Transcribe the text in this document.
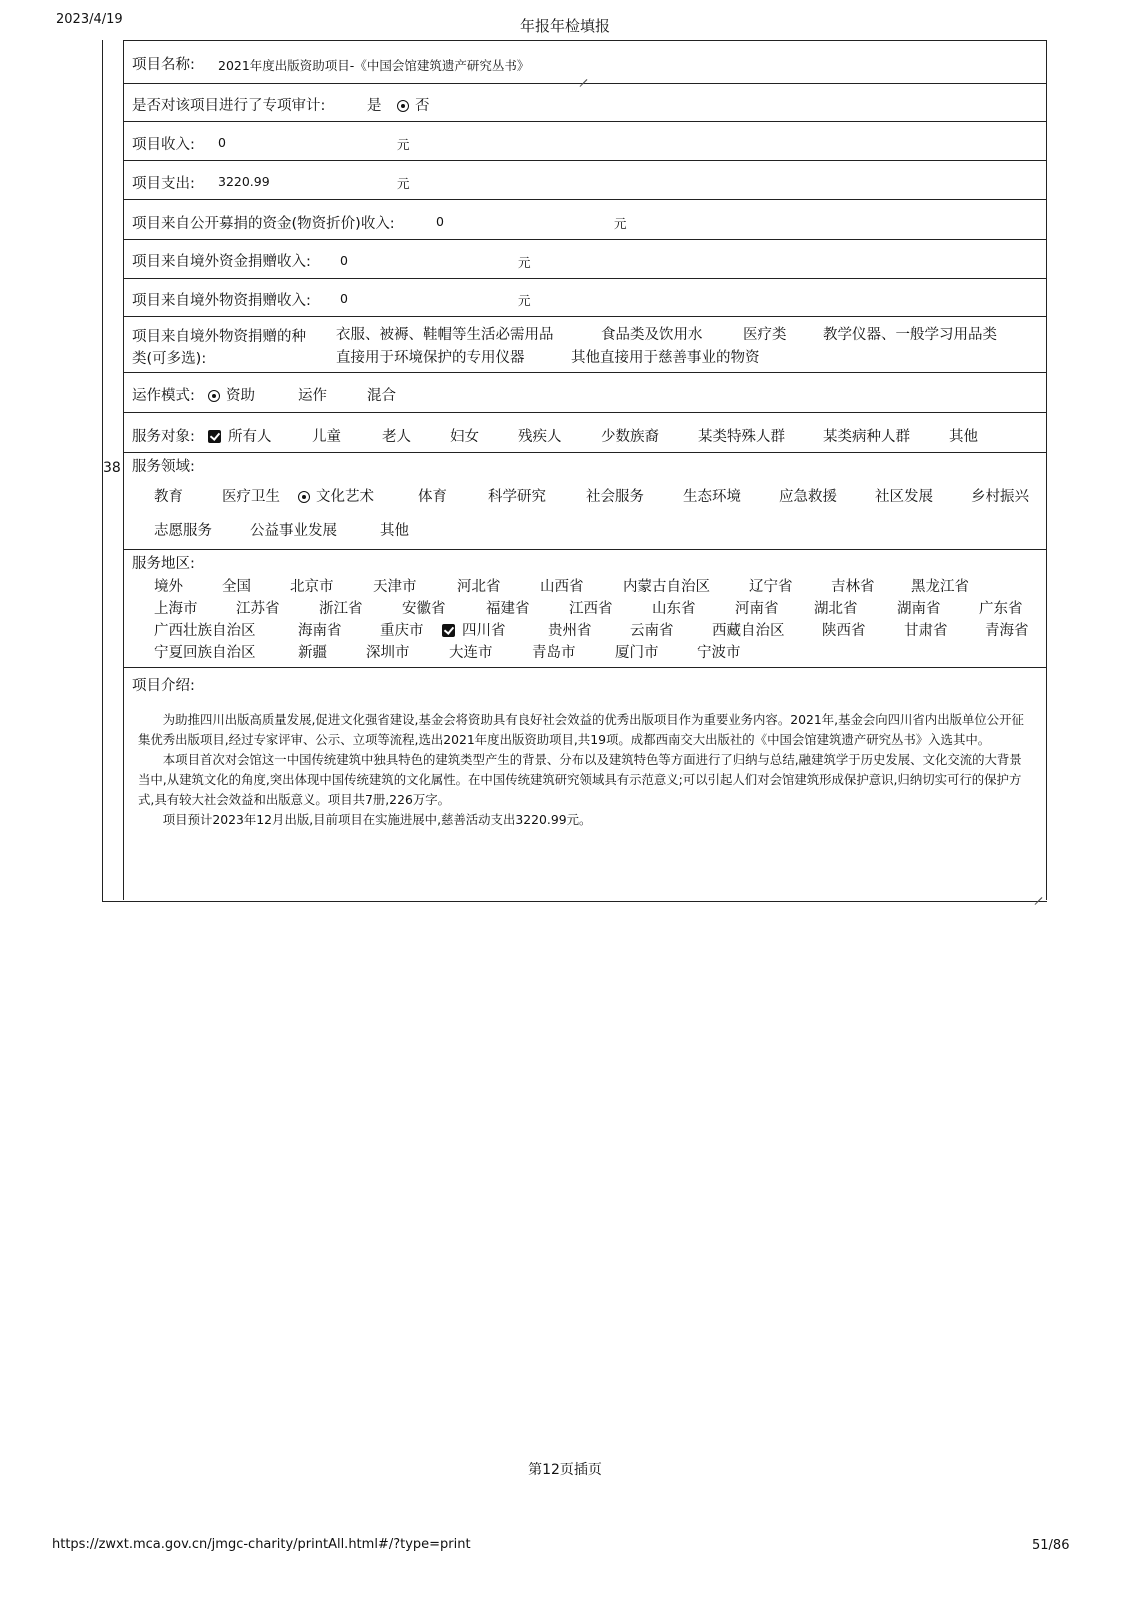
2023/4/19	年报年检填报
38
项目名称: 2021年度出版资助项目-《中国会馆建筑遗产研究丛书》
是否对该项目进行了专项审计:	是	否
项目收入: 0	元
项目支出: 3220.99	元
项目来自公开募捐的资金(物资折价)收入:	0	元
项目来自境外资金捐赠收入: 0	元
项目来自境外物资捐赠收入: 0	元
项目来自境外物资捐赠的种
类(可多选):
衣服、被褥、鞋帽等生活必需用品	食品类及饮用水	医疗类	教学仪器、一般学习用品类
直接用于环境保护的专用仪器	其他直接用于慈善事业的物资
运作模式:	资助	运作	混合
服务对象:	所有人	儿童	老人	妇女	残疾人	少数族裔	某类特殊人群	某类病种人群	其他
服务领域:
教育	医疗卫生	文化艺术	体育	科学研究	社会服务	生态环境	应急救援	社区发展	乡村振兴
志愿服务	公益事业发展	其他
服务地区:
境外	全国	北京市	天津市	河北省	山西省	内蒙古自治区	辽宁省	吉林省	黑龙江省
上海市	江苏省	浙江省	安徽省	福建省	江西省	山东省	河南省 湖北省	湖南省	广东省
广西壮族自治区	海南省	重庆市	四川省	贵州省	云南省	西藏自治区	陕西省	甘肃省	青海省
宁夏回族自治区	新疆	深圳市	大连市	青岛市	厦门市	宁波市
项目介绍:

为助推四川出版高质量发展,促进文化强省建设,基金会将资助具有良好社会效益的优秀出版项目作为重要业务内容。2021年,基金会向四川省内出版单位公开征集优秀出版项目,经过专家评审、公示、立项等流程,选出2021年度出版资助项目,共19项。成都西南交大出版社的《中国会馆建筑遗产研究丛书》入选其中。

本项目首次对会馆这一中国传统建筑中独具特色的建筑类型产生的背景、分布以及建筑特色等方面进行了归纳与总结,融建筑学于历史发展、文化交流的大背景当中,从建筑文化的角度,突出体现中国传统建筑的文化属性。在中国传统建筑研究领域具有示范意义;可以引起人们对会馆建筑形成保护意识,归纳切实可行的保护方式,具有较大社会效益和出版意义。项目共7册,226万字。

项目预计2023年12月出版,目前项目在实施进展中,慈善活动支出3220.99元。

第12页插页
https://zwxt.mca.gov.cn/jmgc-charity/printAll.html#/?type=print	51/86
